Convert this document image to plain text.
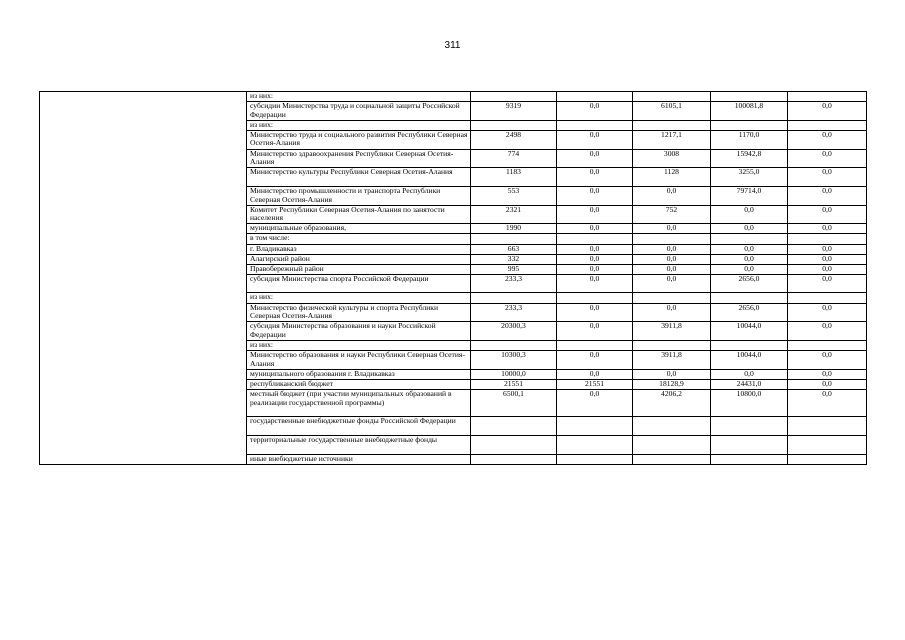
311
	из них:					
	субсидии Министерства труда и социальной защиты Российской Федерации	9319	0,0	6105,1	100081,8	0,0
	из них:					
	Министерство труда и социального развития Республики Северная Осетия-Алания	2498	0,0	1217,1	1170,0	0,0
	Министерство здравоохранения Республики Северная Осетия-Алания	774	0,0	3008	15942,8	0,0
	Министерство культуры Республики Северная Осетия-Алания	1183	0,0	1128	3255,0	0,0
	Министерство промышленности и транспорта Республики Северная Осетия-Алания	553	0,0	0,0	79714,0	0,0
	Комитет Республики Северная Осетия-Алания по занятости населения	2321	0,0	752	0,0	0,0
	муниципальные образования,	1990	0,0	0,0	0,0	0,0
	в том числе:					
	г. Владикавказ	663	0,0	0,0	0,0	0,0
	Алагирский район	332	0,0	0,0	0,0	0,0
	Правобережный район	995	0,0	0,0	0,0	0,0
	субсидия Министерства спорта Российской Федерации	233,3	0,0	0,0	2656,0	0,0
	из них:					
	Министерство физической культуры и спорта Республики Северная Осетия-Алания	233,3	0,0	0,0	2656,0	0,0
	субсидия Министерства образования и науки Российской Федерации	20300,3	0,0	3911,8	10044,0	0,0
	из них:					
	Министерство образования и науки Республики Северная Осетия-Алания	10300,3	0,0	3911,8	10044,0	0,0
	муниципального образования г. Владикавказ	10000,0	0,0	0,0	0,0	0,0
	республиканский бюджет	21551	21551	18128,9	24431,0	0,0
	местный бюджет (при участии муниципальных образований в реализации государственной программы)	6500,1	0,0	4206,2	10800,0	0,0
	государственные внебюджетные фонды Российской Федерации					
	территориальные государственные внебюджетные фонды					
	иные внебюджетные источники					
